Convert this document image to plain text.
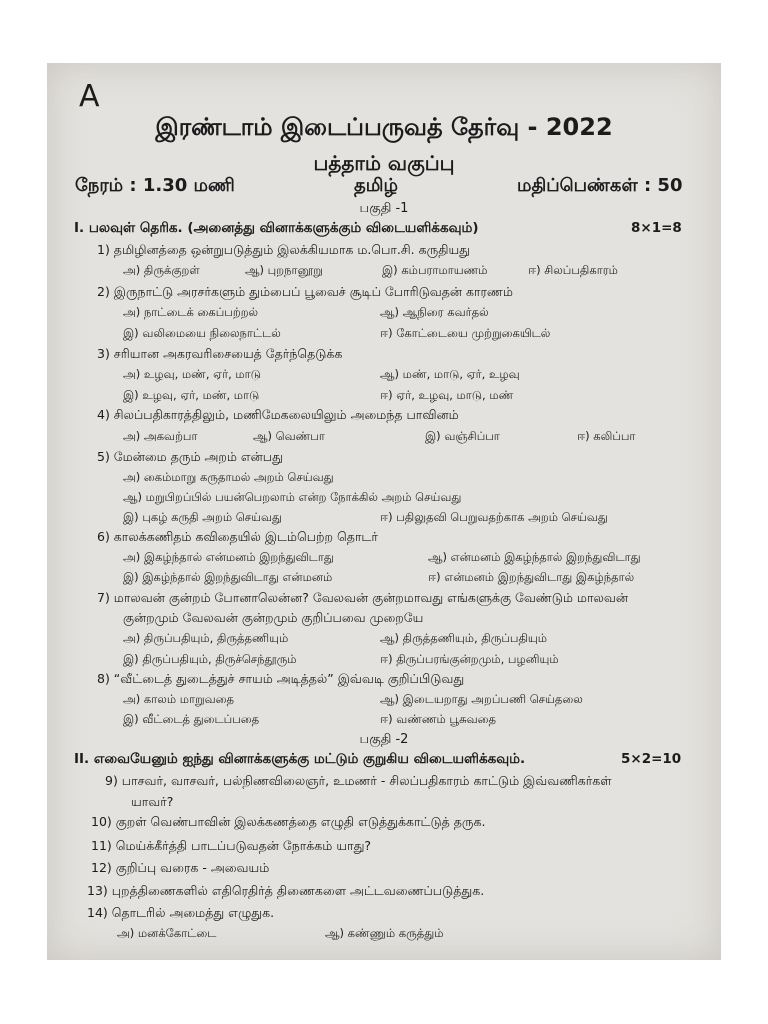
A
இரண்டாம் இடைப்பருவத் தேர்வு - 2022
பத்தாம் வகுப்பு
நேரம் : 1.30 மணி	தமிழ்	மதிப்பெண்கள் : 50
பகுதி -1
I. பலவுள் தெரிக. (அனைத்து வினாக்களுக்கும் விடையளிக்கவும்)	8×1=8
1) தமிழினத்தை ஒன்றுபடுத்தும் இலக்கியமாக ம.பொ.சி. கருதியது
அ) திருக்குறள்	ஆ) புறநானூறு	இ) கம்பராமாயணம்	ஈ) சிலப்பதிகாரம்
2) இருநாட்டு அரசர்களும் தும்பைப் பூவைச் சூடிப் போரிடுவதன் காரணம்
அ) நாட்டைக் கைப்பற்றல்	ஆ) ஆநிரை கவர்தல்
இ) வலிமையை நிலைநாட்டல்	ஈ) கோட்டையை முற்றுகையிடல்
3) சரியான அகரவரிசையைத் தேர்ந்தெடுக்க
அ) உழவு, மண், ஏர், மாடு	ஆ) மண், மாடு, ஏர், உழவு
இ) உழவு, ஏர், மண், மாடு	ஈ) ஏர், உழவு, மாடு, மண்
4) சிலப்பதிகாரத்திலும், மணிமேகலையிலும் அமைந்த பாவினம்
அ) அகவற்பா	ஆ) வெண்பா	இ) வஞ்சிப்பா	ஈ) கலிப்பா
5) மேன்மை தரும் அறம் என்பது
அ) கைம்மாறு கருதாமல் அறம் செய்வது
ஆ) மறுபிறப்பில் பயன்பெறலாம் என்ற நோக்கில் அறம் செய்வது
இ) புகழ் கருதி அறம் செய்வது	ஈ) பதிலுதவி பெறுவதற்காக அறம் செய்வது
6) காலக்கணிதம் கவிதையில் இடம்பெற்ற தொடர்
அ) இகழ்ந்தால் என்மனம் இறந்துவிடாது	ஆ) என்மனம் இகழ்ந்தால் இறந்துவிடாது
இ) இகழ்ந்தால் இறந்துவிடாது என்மனம்	ஈ) என்மனம் இறந்துவிடாது இகழ்ந்தால்
7) மாலவன் குன்றம் போனாலென்ன? வேலவன் குன்றமாவது எங்களுக்கு வேண்டும் மாலவன்
குன்றமும் வேலவன் குன்றமும் குறிப்பவை முறையே
அ) திருப்பதியும், திருத்தணியும்	ஆ) திருத்தணியும், திருப்பதியும்
இ) திருப்பதியும், திருச்செந்தூரும்	ஈ) திருப்பரங்குன்றமும், பழனியும்
8) “வீட்டைத் துடைத்துச் சாயம் அடித்தல்” இவ்வடி குறிப்பிடுவது
அ) காலம் மாறுவதை	ஆ) இடையறாது அறப்பணி செய்தலை
இ) வீட்டைத் துடைப்பதை	ஈ) வண்ணம் பூசுவதை
பகுதி -2
II. எவையேனும் ஐந்து வினாக்களுக்கு மட்டும் குறுகிய விடையளிக்கவும்.	5×2=10
9) பாசவர், வாசவர், பல்நிணவிலைஞர், உமணர் - சிலப்பதிகாரம் காட்டும் இவ்வணிகர்கள்
யாவர்?
10) குறள் வெண்பாவின் இலக்கணத்தை எழுதி எடுத்துக்காட்டுத் தருக.
11) மெய்க்கீர்த்தி பாடப்படுவதன் நோக்கம் யாது?
12) குறிப்பு வரைக - அவையம்
13) புறத்திணைகளில் எதிரெதிர்த் திணைகளை அட்டவணைப்படுத்துக.
14) தொடரில் அமைத்து எழுதுக.
அ) மனக்கோட்டை	ஆ) கண்ணும் கருத்தும்
